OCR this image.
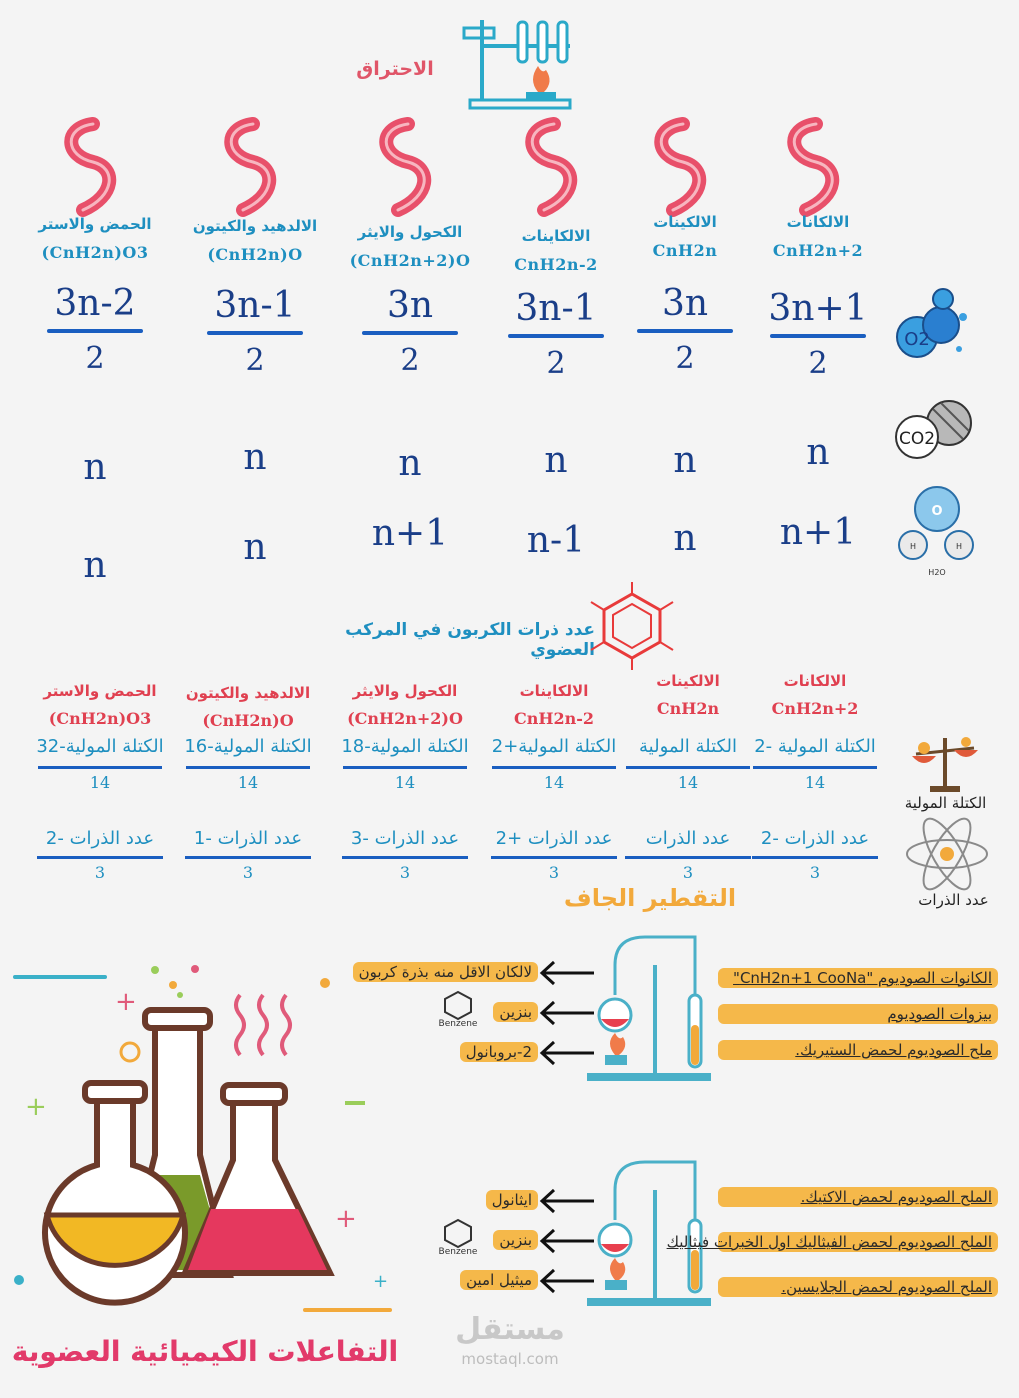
الاحتراق
الحمض والاستر
(CnH2n)O3
3n-2
2
n
n
الالدهيد والكيتون
(CnH2n)O
3n-1
2
n
n
الكحول والايثر
(CnH2n+2)O
3n
2
n
n+1
الالكاينات
CnH2n-2
3n-1
2
n
n-1
الالكينات
CnH2n
3n
2
n
n
الالكانات
CnH2n+2
3n+1
2
n
n+1
O2
CO2
O
H	H
H2O
عدد ذرات الكربون في المركب العضوي
الحمض والاستر
(CnH2n)O3
الكتلة المولية-32
14
عدد الذرات -2
3
الالدهيد والكيتون
(CnH2n)O
الكتلة المولية-16
14
عدد الذرات -1
3
الكحول والايثر
(CnH2n+2)O
الكتلة المولية-18
14
عدد الذرات -3
3
الالكاينات
CnH2n-2
الكتلة المولية+2
14
عدد الذرات +2
3
الالكينات
CnH2n
الكتلة المولية
14
عدد الذرات
3
الالكانات
CnH2n+2
الكتلة المولية -2
14
عدد الذرات -2
3
الكتلة المولية
عدد الذرات
التقطير الجاف
الكانوات الصوديوم "CnH2n+1 CooNa"
بيزوات الصوديوم
ملح الصوديوم لحمض الستيريك.
لالكان الاقل منه بذرة كربون
بنزين
Benzene
2-بروبانول
الملح الصوديوم لحمض الاكتيك.
الملح الصوديوم لحمض الفيثاليك اول الخبرات فيثاليك
الملح الصوديوم لحمض الجلايسين.
ايثانول
بنزين
Benzene
ميثيل امين
+
+
+
+
التفاعلات الكيميائية العضوية
مستقل
mostaql.com
